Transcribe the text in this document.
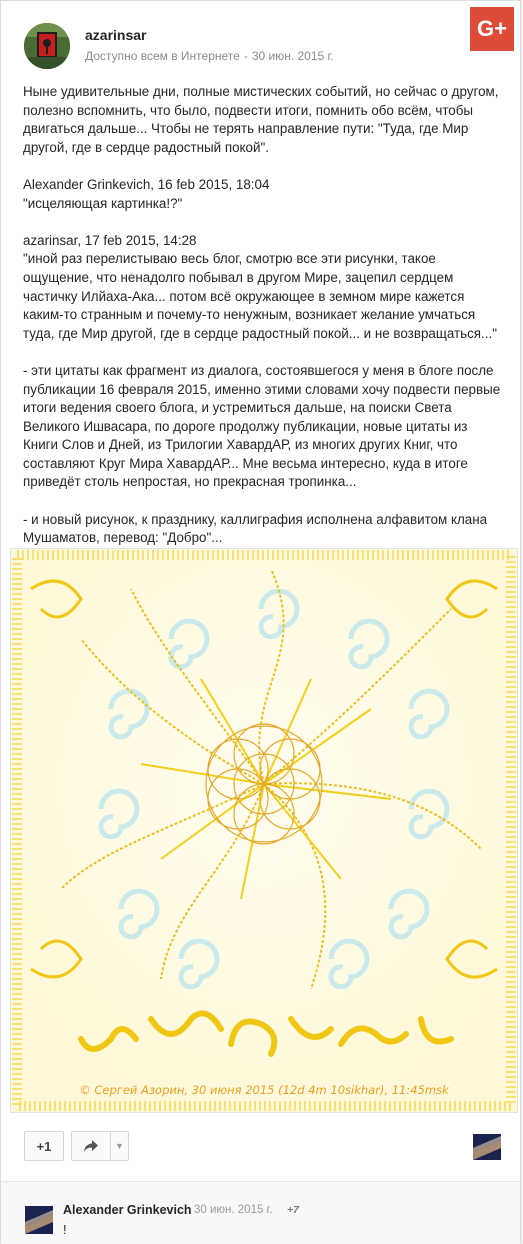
azarinsar
Доступно всем в Интернете - 30 июн. 2015 г.
G+

Ныне удивительные дни, полные мистических событий, но сейчас о другом, полезно вспомнить, что было, подвести итоги, помнить обо всём, чтобы двигаться дальше... Чтобы не терять направление пути: "Туда, где Мир другой, где в сердце радостный покой".

Alexander Grinkevich, 16 feb 2015, 18:04

"исцеляющая картинка!?"

azarinsar, 17 feb 2015, 14:28

"иной раз перелистываю весь блог, смотрю все эти рисунки, такое ощущение, что ненадолго побывал в другом Мире, зацепил сердцем частичку Илйаха-Ака... потом всё окружающее в земном мире кажется каким-то странным и почему-то ненужным, возникает желание умчаться туда, где Мир другой, где в сердце радостный покой... и не возвращаться..."

- эти цитаты как фрагмент из диалога, состоявшегося у меня в блоге после публикации 16 февраля 2015, именно этими словами хочу подвести первые итоги ведения своего блога, и устремиться дальше, на поиски Света Великого Ишвасара, по дороге продолжу публикации, новые цитаты из Книги Слов и Дней, из Трилогии ХавардАР, из многих других Книг, что составляют Круг Мира ХавардАР... Мне весьма интересно, куда в итоге приведёт столь непростая, но прекрасная тропинка...

- и новый рисунок, к празднику, каллиграфия исполнена алфавитом клана Мушаматов, перевод: "Добро"...

© Сергей Азорин, 30 июня 2015 (12d 4m 10sikhar), 11:45msk
+1	▼
Alexander Grinkevich 30 июн. 2015 г. +7
!
